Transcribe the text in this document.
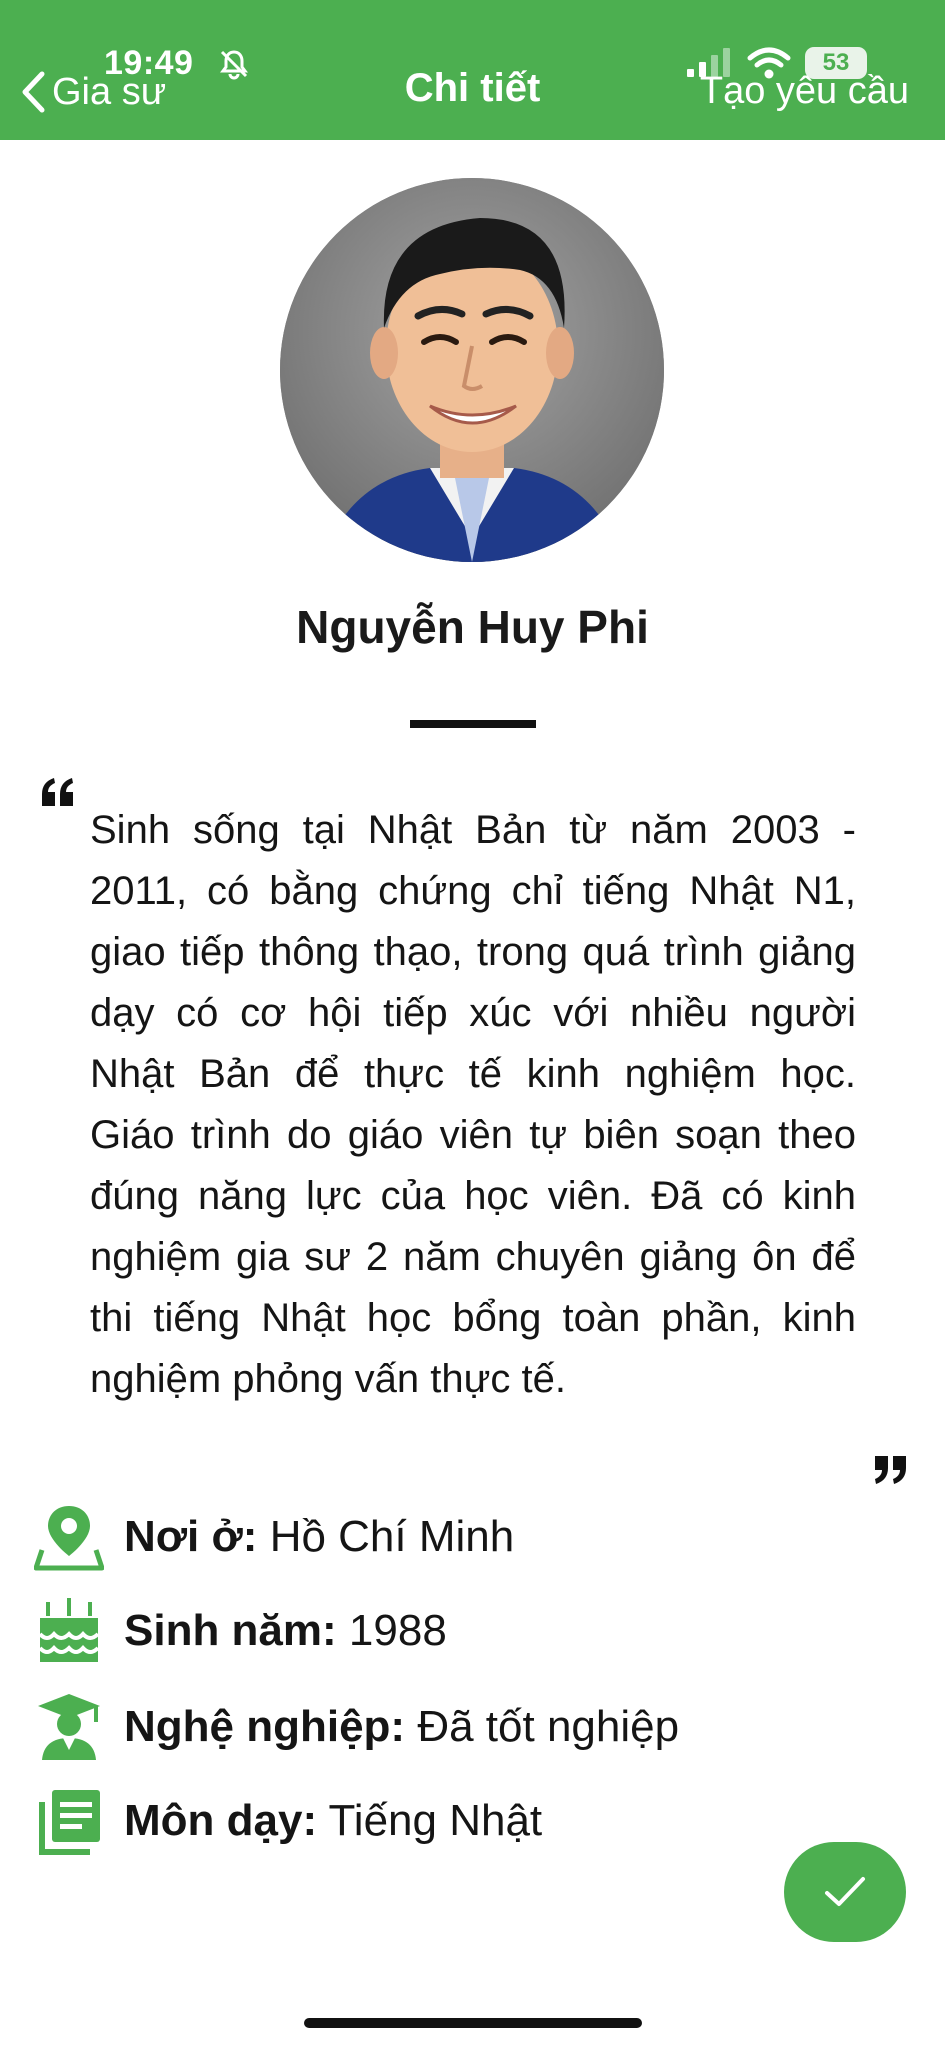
19:49
Gia sư	Chi tiết
53
Tạo yêu cầu
Nguyễn Huy Phi
Sinh sống tại Nhật Bản từ năm 2003 - 2011, có bằng chứng chỉ tiếng Nhật N1, giao tiếp thông thạo, trong quá trình giảng dạy có cơ hội tiếp xúc với nhiều người Nhật Bản để thực tế kinh nghiệm học. Giáo trình do giáo viên tự biên soạn theo đúng năng lực của học viên. Đã có kinh nghiệm gia sư 2 năm chuyên giảng ôn để thi tiếng Nhật học bổng toàn phần, kinh nghiệm phỏng vấn thực tế.
Nơi ở: Hồ Chí Minh
Sinh năm: 1988
Nghệ nghiệp: Đã tốt nghiệp
Môn dạy: Tiếng Nhật
